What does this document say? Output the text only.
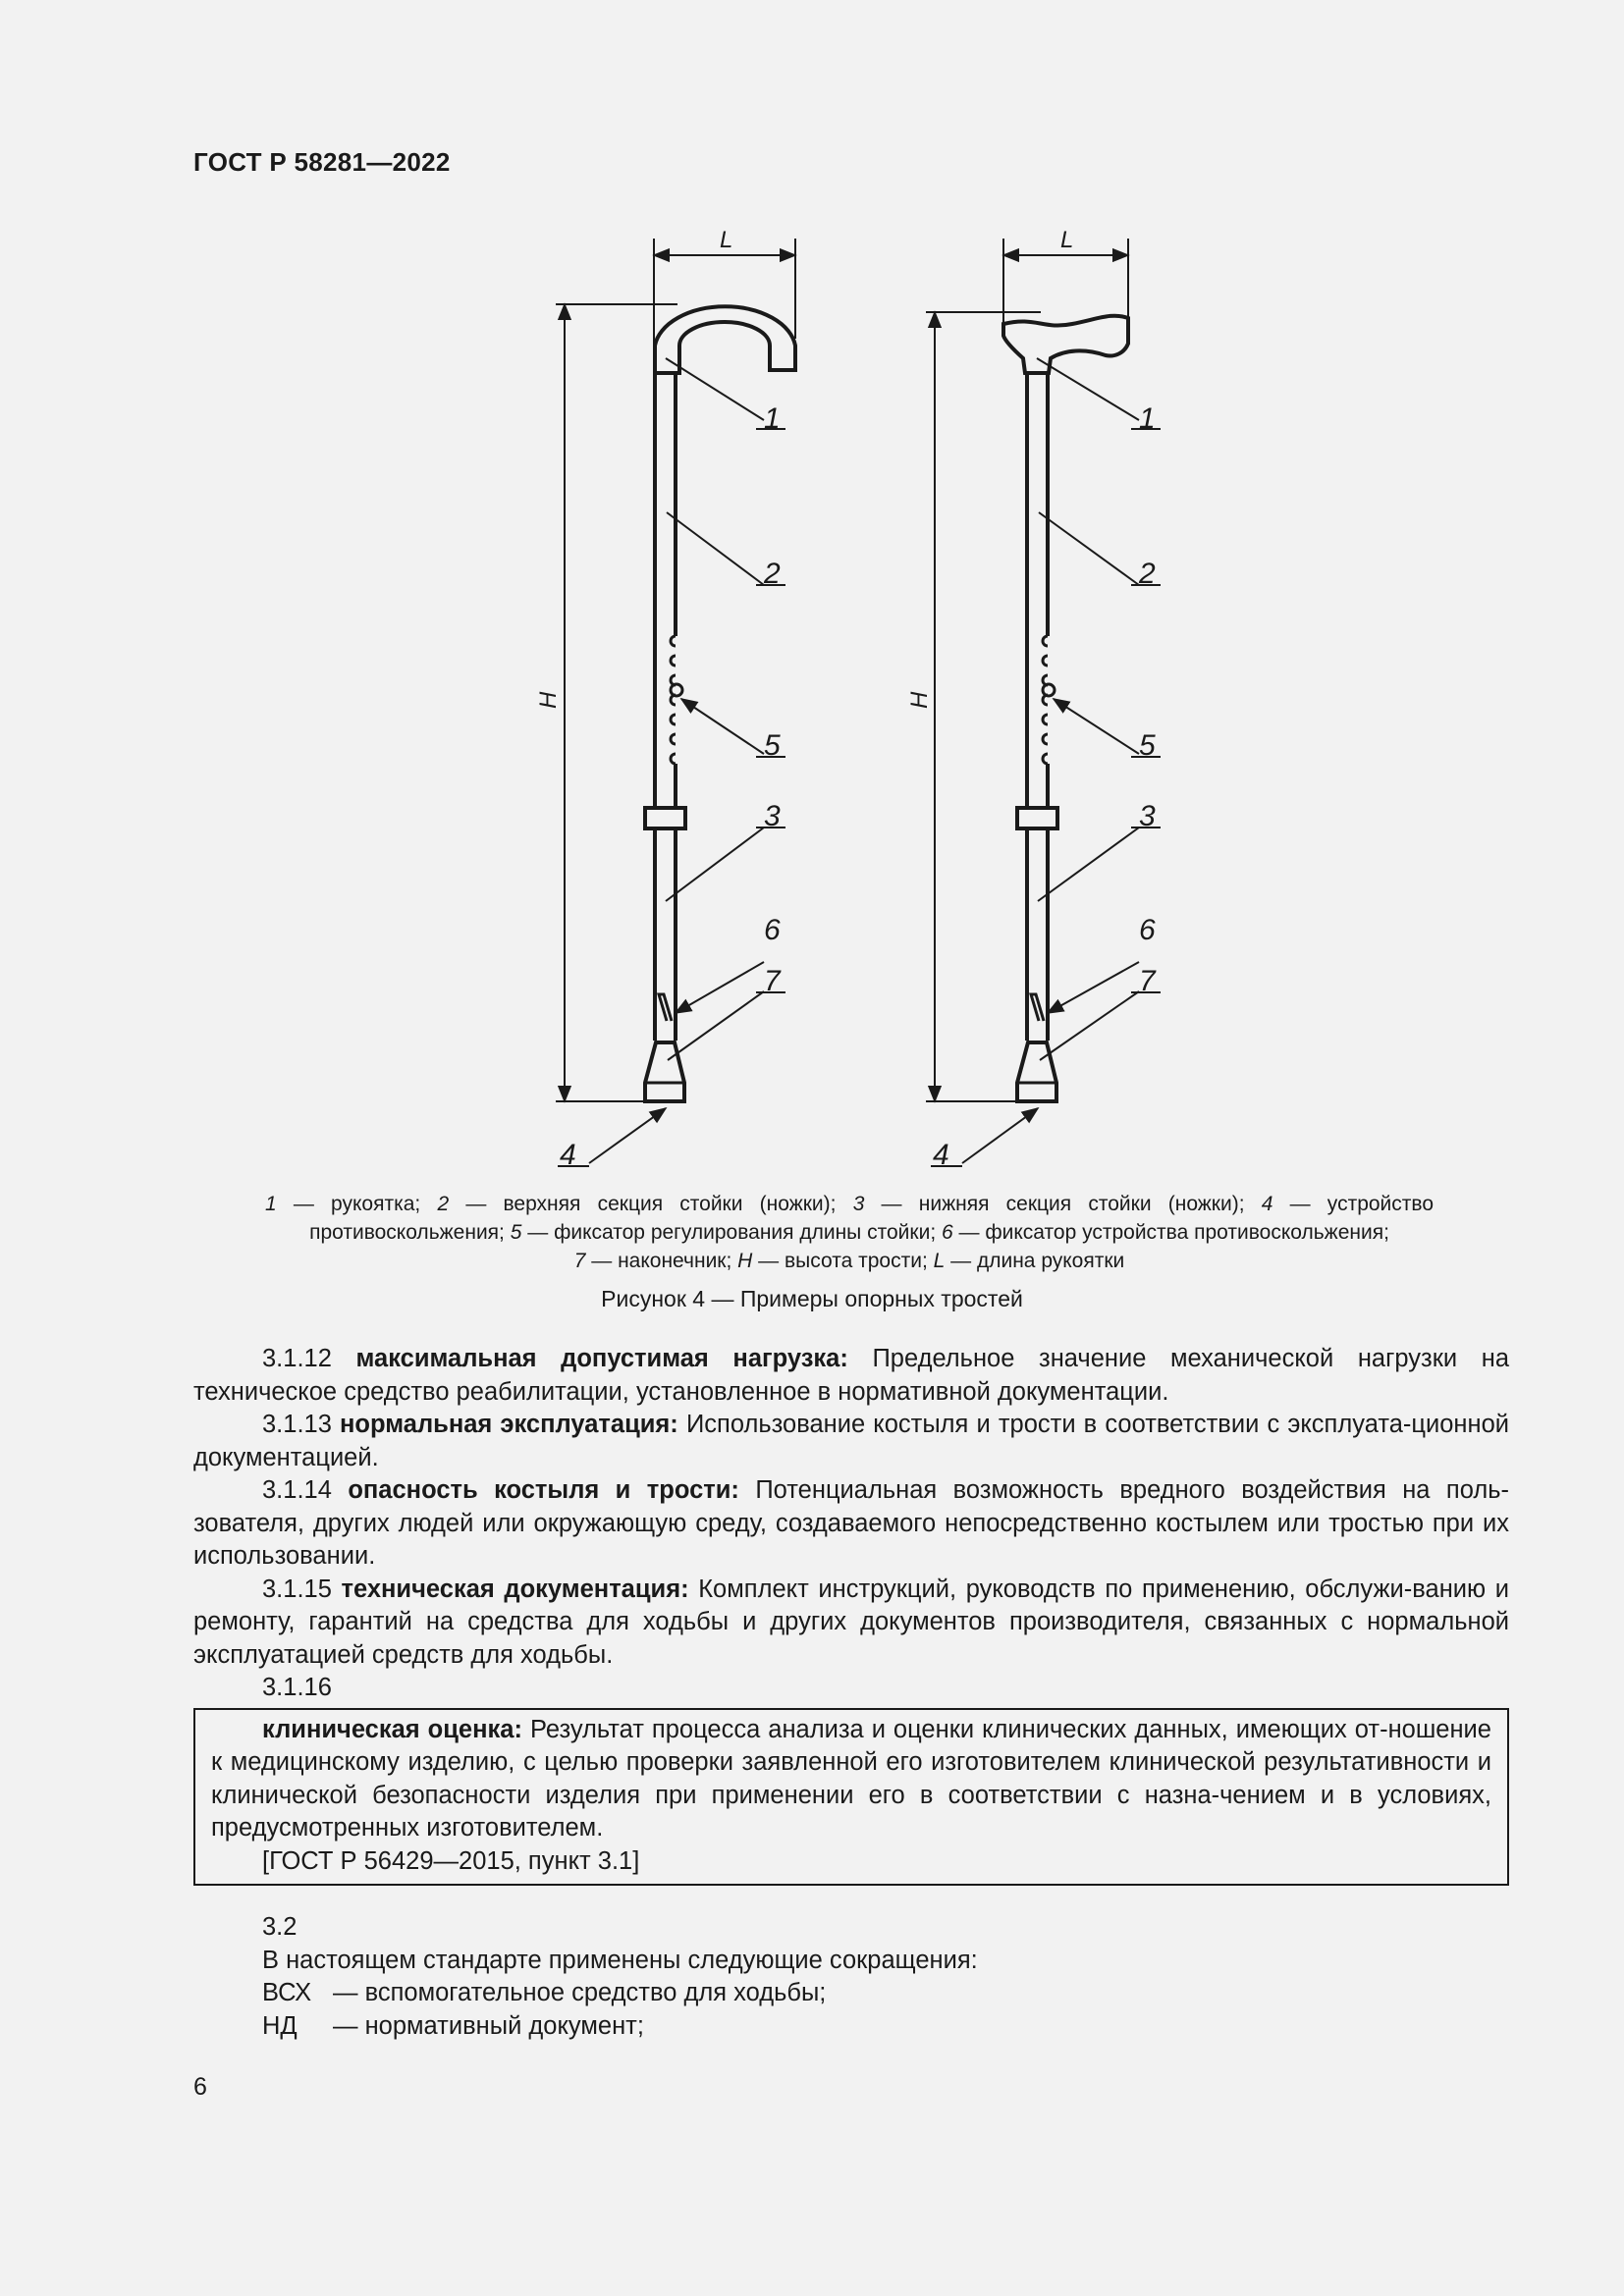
ГОСТ Р 58281—2022
L	L
H	H
1
2
5
3
6
7
4
1
2
5
3
6
7
4
1 — рукоятка; 2 — верхняя секция стойки (ножки); 3 — нижняя секция стойки (ножки); 4 — устройство противоскольжения; 5 — фиксатор регулирования длины стойки; 6 — фиксатор устройства противоскольжения;
7 — наконечник; H — высота трости; L — длина рукоятки
Рисунок 4 — Примеры опорных тростей

3.1.12 максимальная допустимая нагрузка: Предельное значение механической нагрузки на техническое средство реабилитации, установленное в нормативной документации.

3.1.13 нормальная эксплуатация: Использование костыля и трости в соответствии с эксплуата-ционной документацией.

3.1.14 опасность костыля и трости: Потенциальная возможность вредного воздействия на поль-зователя, других людей или окружающую среду, создаваемого непосредственно костылем или тростью при их использовании.

3.1.15 техническая документация: Комплект инструкций, руководств по применению, обслужи-ванию и ремонту, гарантий на средства для ходьбы и других документов производителя, связанных с нормальной эксплуатацией средств для ходьбы.

3.1.16

клиническая оценка: Результат процесса анализа и оценки клинических данных, имеющих от-ношение к медицинскому изделию, с целью проверки заявленной его изготовителем клинической результативности и клинической безопасности изделия при применении его в соответствии с назна-чением и в условиях, предусмотренных изготовителем.

[ГОСТ Р 56429—2015, пункт 3.1]

3.2

В настоящем стандарте применены следующие сокращения:

ВСХ — вспомогательное средство для ходьбы;
НД	— нормативный документ;
6
